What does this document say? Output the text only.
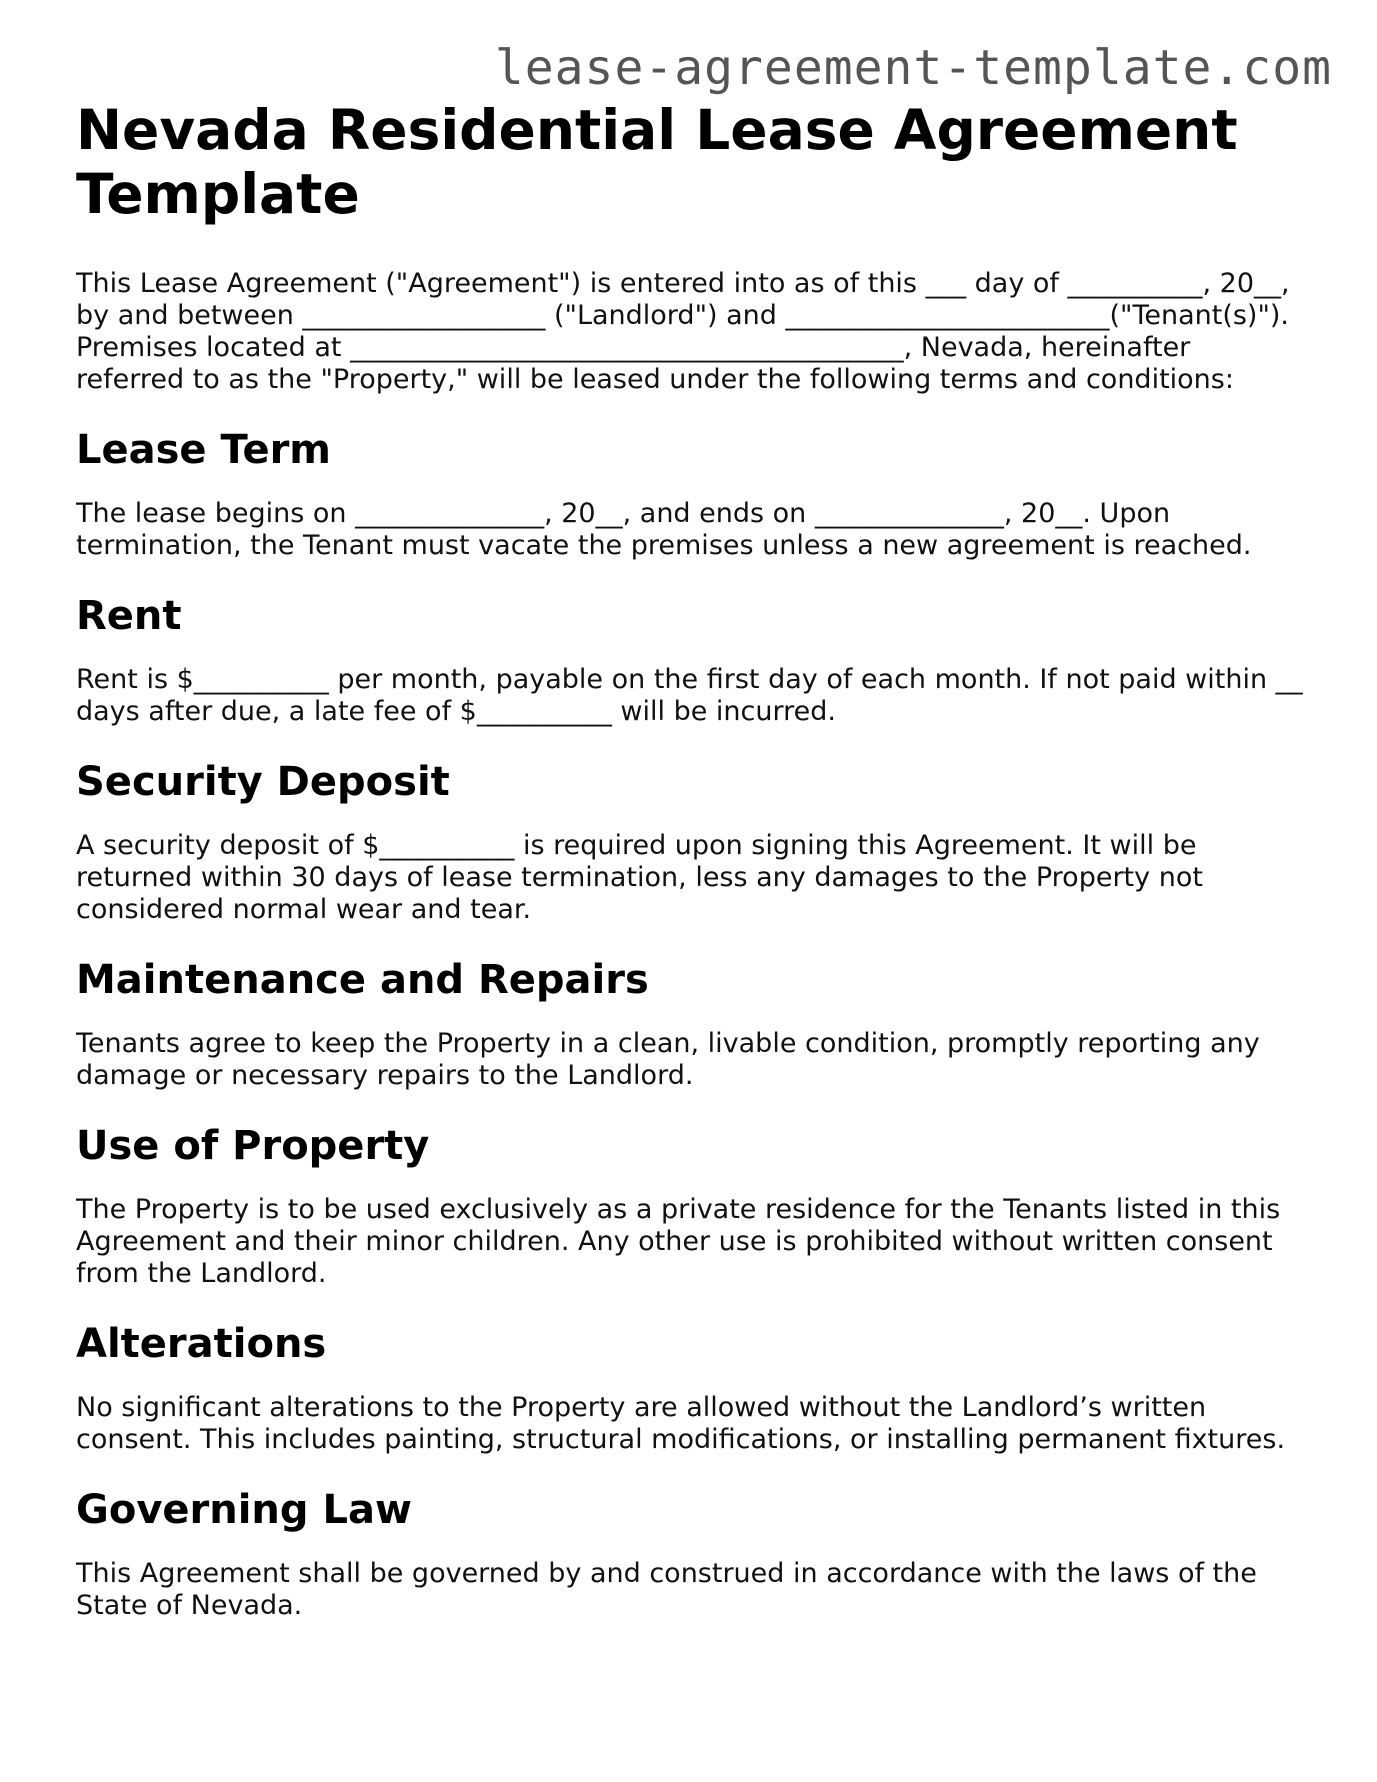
lease-agreement-template.com
Nevada Residential Lease Agreement Template

This Lease Agreement ("Agreement") is entered into as of this ___ day of __________, 20__, by and between __________________ ("Landlord") and ________________________("Tenant(s)"). Premises located at _________________________________________, Nevada, hereinafter referred to as the "Property," will be leased under the following terms and conditions:

Lease Term

The lease begins on ______________, 20__, and ends on ______________, 20__. Upon termination, the Tenant must vacate the premises unless a new agreement is reached.

Rent

Rent is $__________ per month, payable on the first day of each month. If not paid within __ days after due, a late fee of $__________ will be incurred.

Security Deposit

A security deposit of $__________ is required upon signing this Agreement. It will be returned within 30 days of lease termination, less any damages to the Property not considered normal wear and tear.

Maintenance and Repairs

Tenants agree to keep the Property in a clean, livable condition, promptly reporting any damage or necessary repairs to the Landlord.

Use of Property

The Property is to be used exclusively as a private residence for the Tenants listed in this Agreement and their minor children. Any other use is prohibited without written consent from the Landlord.

Alterations

No significant alterations to the Property are allowed without the Landlord’s written consent. This includes painting, structural modifications, or installing permanent fixtures.

Governing Law

This Agreement shall be governed by and construed in accordance with the laws of the State of Nevada.
